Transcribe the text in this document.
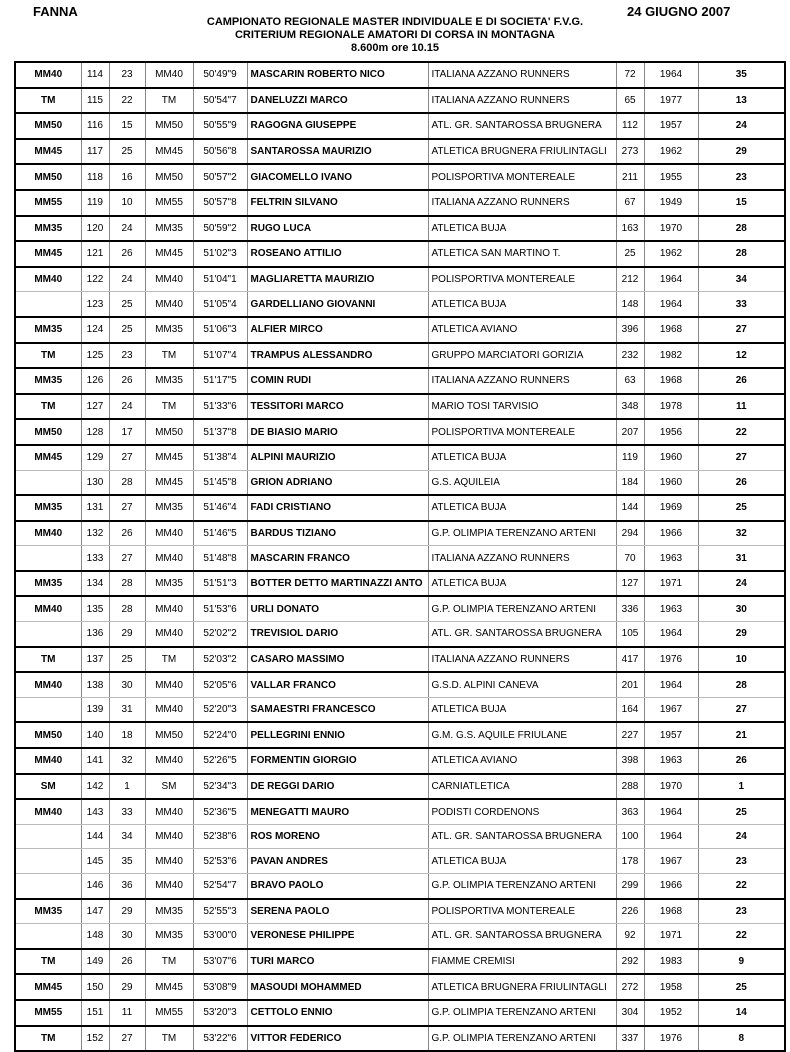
FANNA	24 GIUGNO 2007
CAMPIONATO REGIONALE MASTER INDIVIDUALE E DI SOCIETA' F.V.G.
CRITERIUM REGIONALE AMATORI DI CORSA IN MONTAGNA
8.600m ore 10.15
MM40	114	23	MM40	50'49"9	MASCARIN ROBERTO NICO	ITALIANA AZZANO RUNNERS	72	1964	35
TM	115	22	TM	50'54"7	DANELUZZI MARCO	ITALIANA AZZANO RUNNERS	65	1977	13
MM50	116	15	MM50	50'55"9	RAGOGNA GIUSEPPE	ATL. GR. SANTAROSSA BRUGNERA	112	1957	24
MM45	117	25	MM45	50'56"8	SANTAROSSA MAURIZIO	ATLETICA BRUGNERA FRIULINTAGLI	273	1962	29
MM50	118	16	MM50	50'57"2	GIACOMELLO IVANO	POLISPORTIVA MONTEREALE	211	1955	23
MM55	119	10	MM55	50'57"8	FELTRIN SILVANO	ITALIANA AZZANO RUNNERS	67	1949	15
MM35	120	24	MM35	50'59"2	RUGO LUCA	ATLETICA BUJA	163	1970	28
MM45	121	26	MM45	51'02"3	ROSEANO ATTILIO	ATLETICA SAN MARTINO T.	25	1962	28
MM40	122	24	MM40	51'04"1	MAGLIARETTA MAURIZIO	POLISPORTIVA MONTEREALE	212	1964	34
	123	25	MM40	51'05"4	GARDELLIANO GIOVANNI	ATLETICA BUJA	148	1964	33
MM35	124	25	MM35	51'06"3	ALFIER MIRCO	ATLETICA AVIANO	396	1968	27
TM	125	23	TM	51'07"4	TRAMPUS ALESSANDRO	GRUPPO MARCIATORI GORIZIA	232	1982	12
MM35	126	26	MM35	51'17"5	COMIN RUDI	ITALIANA AZZANO RUNNERS	63	1968	26
TM	127	24	TM	51'33"6	TESSITORI MARCO	MARIO TOSI TARVISIO	348	1978	11
MM50	128	17	MM50	51'37"8	DE BIASIO MARIO	POLISPORTIVA MONTEREALE	207	1956	22
MM45	129	27	MM45	51'38"4	ALPINI MAURIZIO	ATLETICA BUJA	119	1960	27
	130	28	MM45	51'45"8	GRION ADRIANO	G.S. AQUILEIA	184	1960	26
MM35	131	27	MM35	51'46"4	FADI CRISTIANO	ATLETICA BUJA	144	1969	25
MM40	132	26	MM40	51'46"5	BARDUS TIZIANO	G.P. OLIMPIA TERENZANO ARTENI	294	1966	32
	133	27	MM40	51'48"8	MASCARIN FRANCO	ITALIANA AZZANO RUNNERS	70	1963	31
MM35	134	28	MM35	51'51"3	BOTTER DETTO MARTINAZZI ANTO	ATLETICA BUJA	127	1971	24
MM40	135	28	MM40	51'53"6	URLI DONATO	G.P. OLIMPIA TERENZANO ARTENI	336	1963	30
	136	29	MM40	52'02"2	TREVISIOL DARIO	ATL. GR. SANTAROSSA BRUGNERA	105	1964	29
TM	137	25	TM	52'03"2	CASARO MASSIMO	ITALIANA AZZANO RUNNERS	417	1976	10
MM40	138	30	MM40	52'05"6	VALLAR FRANCO	G.S.D. ALPINI CANEVA	201	1964	28
	139	31	MM40	52'20"3	SAMAESTRI FRANCESCO	ATLETICA BUJA	164	1967	27
MM50	140	18	MM50	52'24"0	PELLEGRINI ENNIO	G.M. G.S. AQUILE FRIULANE	227	1957	21
MM40	141	32	MM40	52'26"5	FORMENTIN GIORGIO	ATLETICA AVIANO	398	1963	26
SM	142	1	SM	52'34"3	DE REGGI DARIO	CARNIATLETICA	288	1970	1
MM40	143	33	MM40	52'36"5	MENEGATTI MAURO	PODISTI CORDENONS	363	1964	25
	144	34	MM40	52'38"6	ROS MORENO	ATL. GR. SANTAROSSA BRUGNERA	100	1964	24
	145	35	MM40	52'53"6	PAVAN ANDRES	ATLETICA BUJA	178	1967	23
	146	36	MM40	52'54"7	BRAVO PAOLO	G.P. OLIMPIA TERENZANO ARTENI	299	1966	22
MM35	147	29	MM35	52'55"3	SERENA PAOLO	POLISPORTIVA MONTEREALE	226	1968	23
	148	30	MM35	53'00"0	VERONESE PHILIPPE	ATL. GR. SANTAROSSA BRUGNERA	92	1971	22
TM	149	26	TM	53'07"6	TURI MARCO	FIAMME CREMISI	292	1983	9
MM45	150	29	MM45	53'08"9	MASOUDI MOHAMMED	ATLETICA BRUGNERA FRIULINTAGLI	272	1958	25
MM55	151	11	MM55	53'20"3	CETTOLO ENNIO	G.P. OLIMPIA TERENZANO ARTENI	304	1952	14
TM	152	27	TM	53'22"6	VITTOR FEDERICO	G.P. OLIMPIA TERENZANO ARTENI	337	1976	8
